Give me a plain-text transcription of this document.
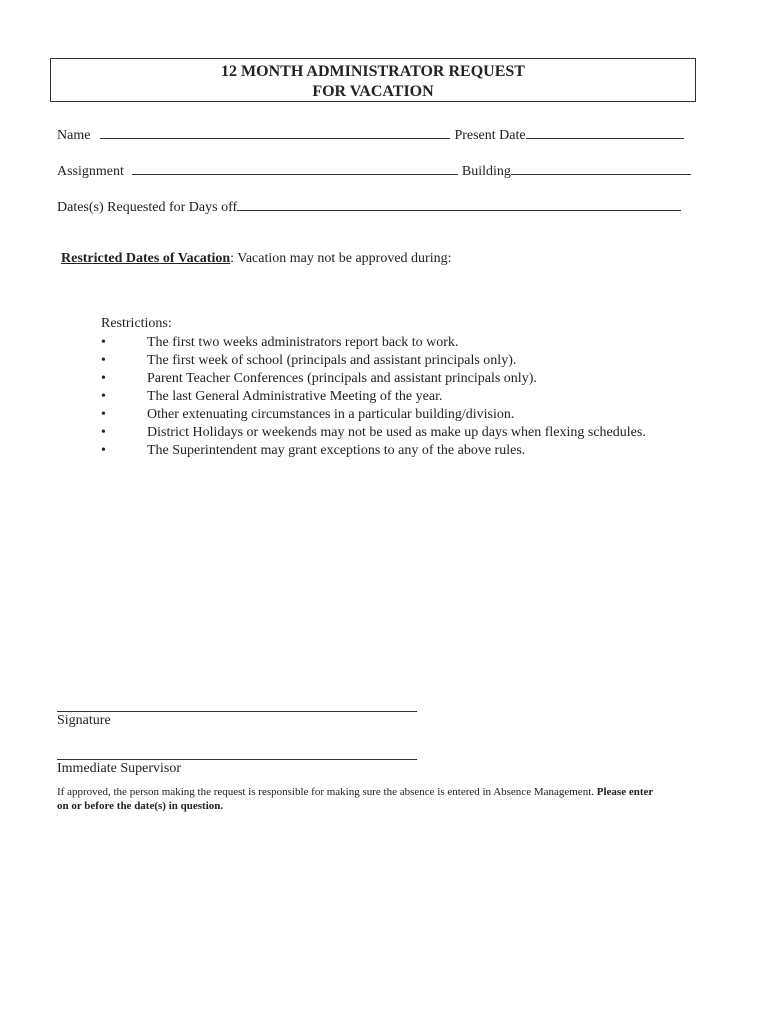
12 MONTH ADMINISTRATOR REQUEST
FOR VACATION
Name	Present Date
Assignment	Building
Dates(s) Requested for Days off
Restricted Dates of Vacation: Vacation may not be approved during:
Restrictions:
•	The first two weeks administrators report back to work.
•	The first week of school (principals and assistant principals only).
•	Parent Teacher Conferences (principals and assistant principals only).
•	The last General Administrative Meeting of the year.
•	Other extenuating circumstances in a particular building/division.
•	District Holidays or weekends may not be used as make up days when flexing schedules.
•	The Superintendent may grant exceptions to any of the above rules.
Signature
Immediate Supervisor
If approved, the person making the request is responsible for making sure the absence is entered in Absence Management. Please enter on or before the date(s) in question.
